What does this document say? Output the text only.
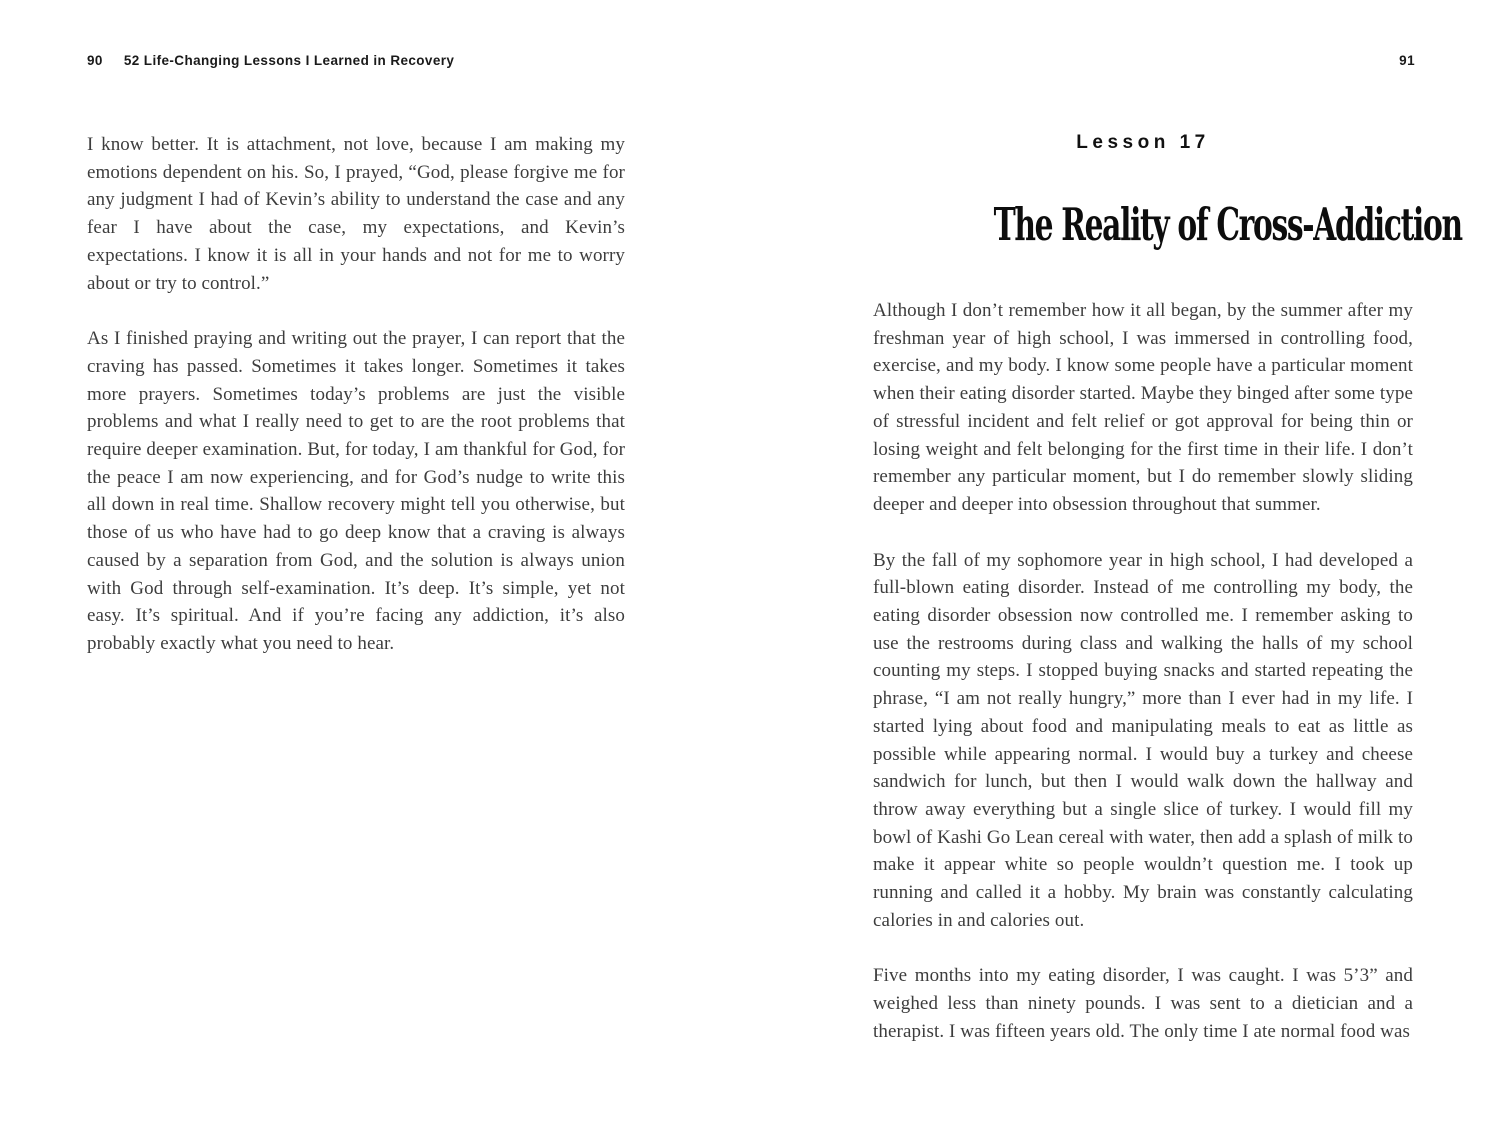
90 52 Life-Changing Lessons I Learned in Recovery	91

I know better. It is attachment, not love, because I am making my emotions dependent on his. So, I prayed, “God, please forgive me for any judgment I had of Kevin’s ability to understand the case and any fear I have about the case, my expectations, and Kevin’s expectations. I know it is all in your hands and not for me to worry about or try to control.”

As I finished praying and writing out the prayer, I can report that the craving has passed. Sometimes it takes longer. Sometimes it takes more prayers. Sometimes today’s problems are just the visible problems and what I really need to get to are the root problems that require deeper examination. But, for today, I am thankful for God, for the peace I am now experiencing, and for God’s nudge to write this all down in real time. Shallow recovery might tell you otherwise, but those of us who have had to go deep know that a craving is always caused by a separation from God, and the solution is always union with God through self-examination. It’s deep. It’s simple, yet not easy. It’s spiritual. And if you’re facing any addiction, it’s also probably exactly what you need to hear.

Lesson 17
The Reality of Cross-Addiction

Although I don’t remember how it all began, by the summer after my freshman year of high school, I was immersed in controlling food, exercise, and my body. I know some people have a particular moment when their eating disorder started. Maybe they binged after some type of stressful incident and felt relief or got approval for being thin or losing weight and felt belonging for the first time in their life. I don’t remember any particular moment, but I do remember slowly sliding deeper and deeper into obsession throughout that summer.

By the fall of my sophomore year in high school, I had developed a full-blown eating disorder. Instead of me controlling my body, the eating disorder obsession now controlled me. I remember asking to use the restrooms during class and walking the halls of my school counting my steps. I stopped buying snacks and started repeating the phrase, “I am not really hungry,” more than I ever had in my life. I started lying about food and manipulating meals to eat as little as possible while appearing normal. I would buy a turkey and cheese sandwich for lunch, but then I would walk down the hallway and throw away everything but a single slice of turkey. I would fill my bowl of Kashi Go Lean cereal with water, then add a splash of milk to make it appear white so people wouldn’t question me. I took up running and called it a hobby. My brain was constantly calculating calories in and calories out.

Five months into my eating disorder, I was caught. I was 5’3” and weighed less than ninety pounds. I was sent to a dietician and a therapist. I was fifteen years old. The only time I ate normal food was
